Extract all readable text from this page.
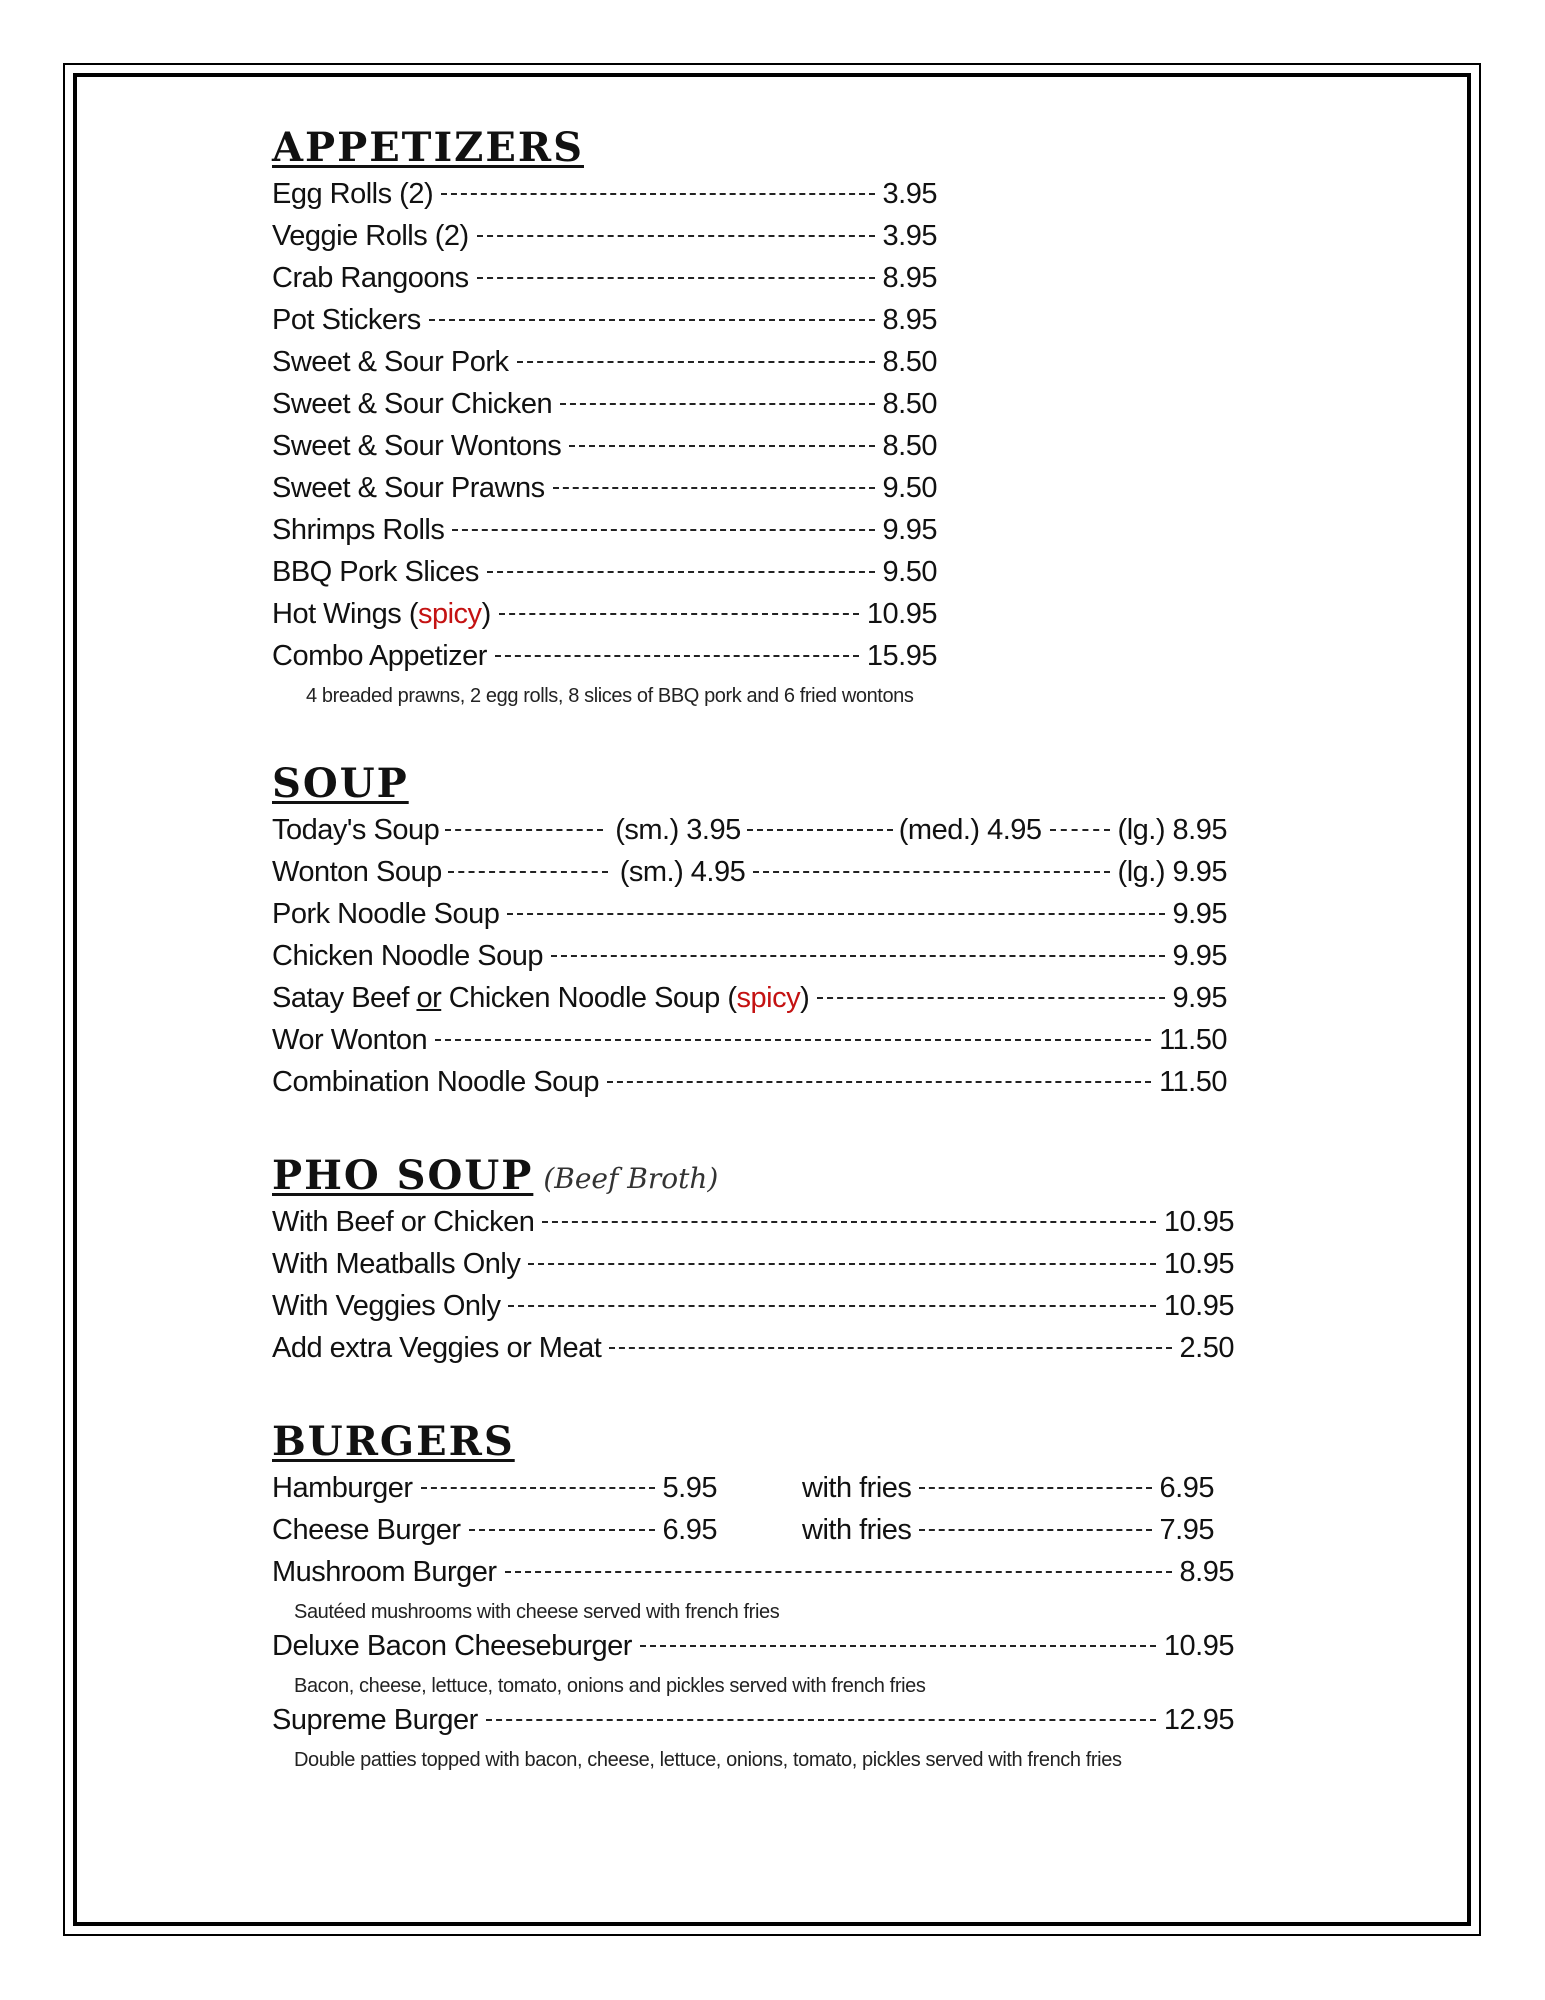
APPETIZERS
Egg Rolls (2)	3.95
Veggie Rolls (2)	3.95
Crab Rangoons	8.95
Pot Stickers	8.95
Sweet & Sour Pork	8.50
Sweet & Sour Chicken	8.50
Sweet & Sour Wontons	8.50
Sweet & Sour Prawns	9.50
Shrimps Rolls	9.95
BBQ Pork Slices	9.50
Hot Wings (spicy)	10.95
Combo Appetizer	15.95
4 breaded prawns, 2 egg rolls, 8 slices of BBQ pork and 6 fried wontons
SOUP
Today's Soup	(sm.) 3.95	(med.) 4.95	(lg.) 8.95
Wonton Soup	(sm.) 4.95	(lg.) 9.95
Pork Noodle Soup	9.95
Chicken Noodle Soup	9.95
Satay Beef or Chicken Noodle Soup (spicy)	9.95
Wor Wonton	11.50
Combination Noodle Soup	11.50
PHO SOUP (Beef Broth)
With Beef or Chicken	10.95
With Meatballs Only	10.95
With Veggies Only	10.95
Add extra Veggies or Meat	2.50
BURGERS
Hamburger	5.95	with fries	6.95
Cheese Burger	6.95	with fries	7.95
Mushroom Burger	8.95
Sautéed mushrooms with cheese served with french fries
Deluxe Bacon Cheeseburger	10.95
Bacon, cheese, lettuce, tomato, onions and pickles served with french fries
Supreme Burger	12.95
Double patties topped with bacon, cheese, lettuce, onions, tomato, pickles served with french fries
